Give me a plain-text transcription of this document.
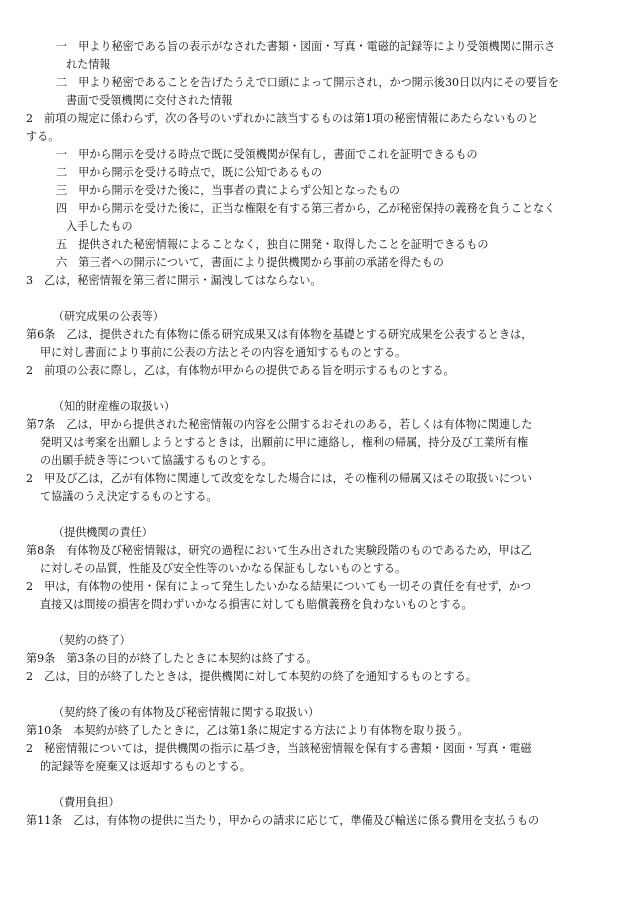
一　甲より秘密である旨の表示がなされた書類・図面・写真・電磁的記録等により受領機関に開示さ
れた情報
二　甲より秘密であることを告げたうえで口頭によって開示され，かつ開示後30日以内にその要旨を
書面で受領機関に交付された情報
2　前項の規定に係わらず，次の各号のいずれかに該当するものは第1項の秘密情報にあたらないものと
する。
一　甲から開示を受ける時点で既に受領機関が保有し，書面でこれを証明できるもの
二　甲から開示を受ける時点で，既に公知であるもの
三　甲から開示を受けた後に，当事者の責によらず公知となったもの
四　甲から開示を受けた後に，正当な権限を有する第三者から，乙が秘密保持の義務を負うことなく
入手したもの
五　提供された秘密情報によることなく，独自に開発・取得したことを証明できるもの
六　第三者への開示について，書面により提供機関から事前の承諾を得たもの
3　乙は，秘密情報を第三者に開示・漏洩してはならない。
（研究成果の公表等）
第6条　乙は，提供された有体物に係る研究成果又は有体物を基礎とする研究成果を公表するときは，
甲に対し書面により事前に公表の方法とその内容を通知するものとする。
2　前項の公表に際し，乙は，有体物が甲からの提供である旨を明示するものとする。
（知的財産権の取扱い）
第7条　乙は，甲から提供された秘密情報の内容を公開するおそれのある，若しくは有体物に関連した
発明又は考案を出願しようとするときは，出願前に甲に連絡し，権利の帰属，持分及び工業所有権
の出願手続き等について協議するものとする。
2　甲及び乙は，乙が有体物に関連して改変をなした場合には，その権利の帰属又はその取扱いについ
て協議のうえ決定するものとする。
（提供機関の責任）
第8条　有体物及び秘密情報は，研究の過程において生み出された実験段階のものであるため，甲は乙
に対しその品質，性能及び安全性等のいかなる保証もしないものとする。
2　甲は，有体物の使用・保有によって発生したいかなる結果についても一切その責任を有せず，かつ
直接又は間接の損害を問わずいかなる損害に対しても賠償義務を負わないものとする。
（契約の終了）
第9条　第3条の目的が終了したときに本契約は終了する。
2　乙は，目的が終了したときは，提供機関に対して本契約の終了を通知するものとする。
（契約終了後の有体物及び秘密情報に関する取扱い）
第10条　本契約が終了したときに，乙は第1条に規定する方法により有体物を取り扱う。
2　秘密情報については，提供機関の指示に基づき，当該秘密情報を保有する書類・図面・写真・電磁
的記録等を廃棄又は返却するものとする。
（費用負担）
第11条　乙は，有体物の提供に当たり，甲からの請求に応じて，準備及び輸送に係る費用を支払うもの
